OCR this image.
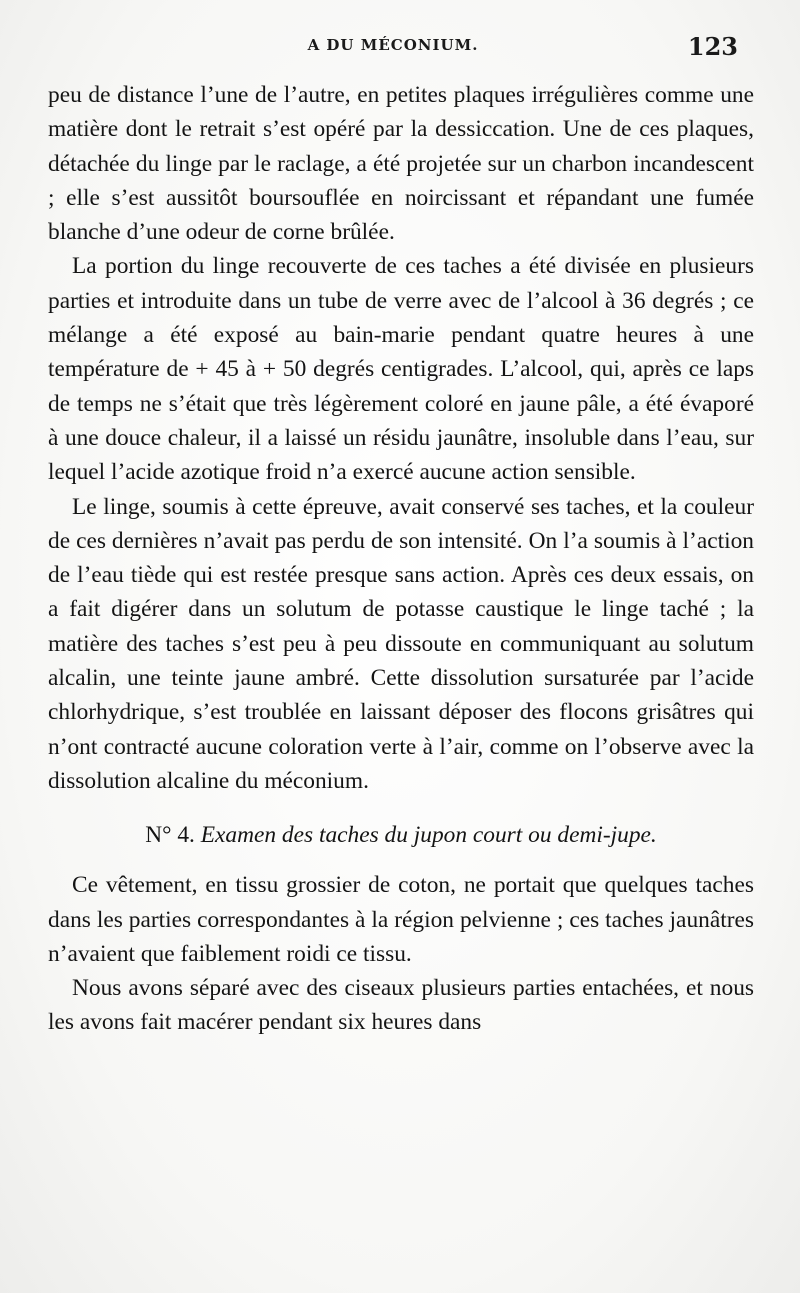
A DU MÉCONIUM.	123

peu de distance l’une de l’autre, en petites plaques irrégulières comme une matière dont le retrait s’est opéré par la dessiccation. Une de ces plaques, détachée du linge par le raclage, a été projetée sur un charbon incandescent ; elle s’est aussitôt boursouflée en noircissant et répandant une fumée blanche d’une odeur de corne brûlée.

La portion du linge recouverte de ces taches a été divisée en plusieurs parties et introduite dans un tube de verre avec de l’alcool à 36 degrés ; ce mélange a été exposé au bain-marie pendant quatre heures à une température de + 45 à + 50 degrés centigrades. L’alcool, qui, après ce laps de temps ne s’était que très légèrement coloré en jaune pâle, a été évaporé à une douce chaleur, il a laissé un résidu jaunâtre, insoluble dans l’eau, sur lequel l’acide azotique froid n’a exercé aucune action sensible.

Le linge, soumis à cette épreuve, avait conservé ses taches, et la couleur de ces dernières n’avait pas perdu de son intensité. On l’a soumis à l’action de l’eau tiède qui est restée presque sans action. Après ces deux essais, on a fait digérer dans un solutum de potasse caustique le linge taché ; la matière des taches s’est peu à peu dissoute en communiquant au solutum alcalin, une teinte jaune ambré. Cette dissolution sursaturée par l’acide chlorhydrique, s’est troublée en laissant déposer des flocons grisâtres qui n’ont contracté aucune coloration verte à l’air, comme on l’observe avec la dissolution alcaline du méconium.

N° 4. Examen des taches du jupon court ou demi-jupe.

Ce vêtement, en tissu grossier de coton, ne portait que quelques taches dans les parties correspondantes à la région pelvienne ; ces taches jaunâtres n’avaient que faiblement roidi ce tissu.

Nous avons séparé avec des ciseaux plusieurs parties entachées, et nous les avons fait macérer pendant six heures dans
